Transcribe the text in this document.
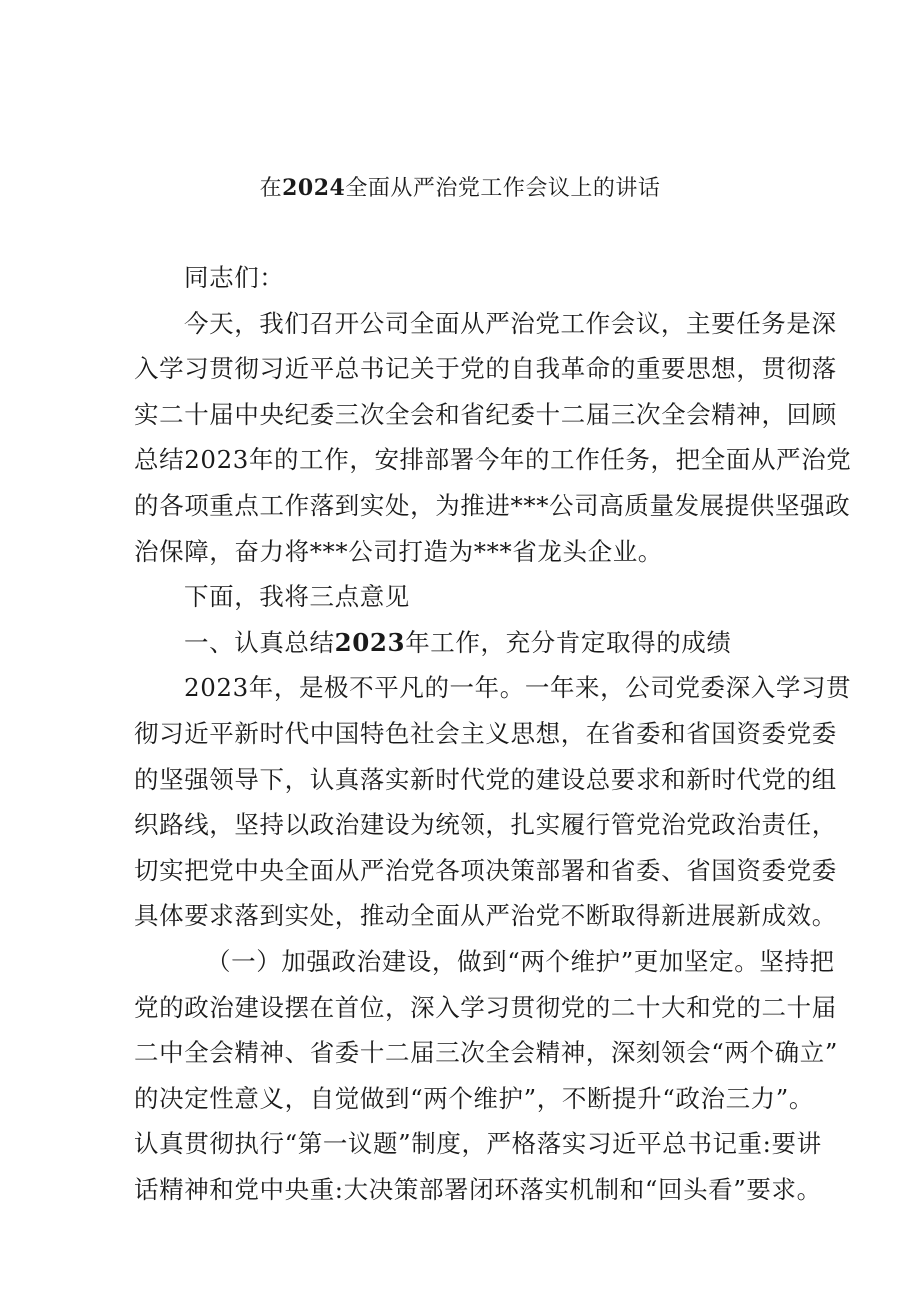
在2024全面从严治党工作会议上的讲话
同志们：
今天，我们召开公司全面从严治党工作会议，主要任务是深
入学习贯彻习近平总书记关于党的自我革命的重要思想，贯彻落
实二十届中央纪委三次全会和省纪委十二届三次全会精神，回顾
总结2023年的工作，安排部署今年的工作任务，把全面从严治党
的各项重点工作落到实处，为推进***公司高质量发展提供坚强政
治保障，奋力将***公司打造为***省龙头企业。
下面，我将三点意见
一、认真总结2023年工作，充分肯定取得的成绩
2023年，是极不平凡的一年。一年来，公司党委深入学习贯
彻习近平新时代中国特色社会主义思想，在省委和省国资委党委
的坚强领导下，认真落实新时代党的建设总要求和新时代党的组
织路线，坚持以政治建设为统领，扎实履行管党治党政治责任，
切实把党中央全面从严治党各项决策部署和省委、省国资委党委
具体要求落到实处，推动全面从严治党不断取得新进展新成效。
（一）加强政治建设，做到“两个维护”更加坚定。坚持把
党的政治建设摆在首位，深入学习贯彻党的二十大和党的二十届
二中全会精神、省委十二届三次全会精神，深刻领会“两个确立”
的决定性意义，自觉做到“两个维护”，不断提升“政治三力”。
认真贯彻执行“第一议题”制度，严格落实习近平总书记重:要讲
话精神和党中央重:大决策部署闭环落实机制和“回头看”要求。
